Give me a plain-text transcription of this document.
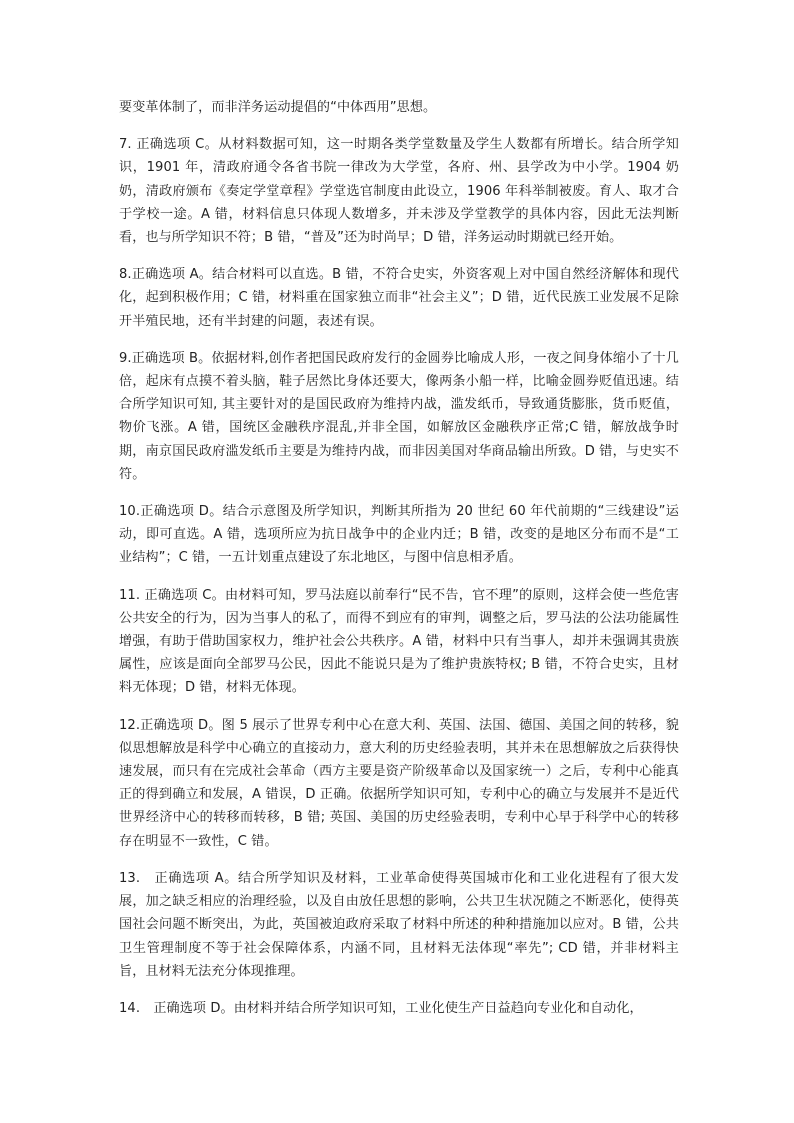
要变革体制了，而非洋务运动提倡的“中体西用”思想。

7. 正确选项 C。从材料数据可知，这一时期各类学堂数量及学生人数都有所增长。结合所学知识，1901 年，清政府通令各省书院一律改为大学堂，各府、州、县学改为中小学。1904 奶奶，清政府颁布《奏定学堂章程》学堂选官制度由此设立，1906 年科举制被废。育人、取才合于学校一途。A 错，材料信息只体现人数增多，并未涉及学堂教学的具体内容，因此无法判断看，也与所学知识不符；B 错，“普及”还为时尚早；D 错，洋务运动时期就已经开始。

8.正确选项 A。结合材料可以直选。B 错，不符合史实，外资客观上对中国自然经济解体和现代化，起到积极作用；C 错，材料重在国家独立而非“社会主义”；D 错，近代民族工业发展不足除开半殖民地，还有半封建的问题，表述有误。

9.正确选项 B。依据材料,创作者把国民政府发行的金圆券比喻成人形，一夜之间身体缩小了十几倍，起床有点摸不着头脑，鞋子居然比身体还要大，像两条小船一样，比喻金圆券贬值迅速。结合所学知识可知, 其主要针对的是国民政府为维持内战，滥发纸币，导致通货膨胀，货币贬值，物价飞涨。A 错，国统区金融秩序混乱,并非全国，如解放区金融秩序正常;C 错，解放战争时期，南京国民政府滥发纸币主要是为维持内战，而非因美国对华商品输出所致。D 错，与史实不符。

10.正确选项 D。结合示意图及所学知识，判断其所指为 20 世纪 60 年代前期的“三线建设”运动，即可直选。A 错，选项所应为抗日战争中的企业内迁；B 错，改变的是地区分布而不是“工业结构”；C 错，一五计划重点建设了东北地区，与图中信息相矛盾。

11. 正确选项 C。由材料可知，罗马法庭以前奉行“民不告，官不理”的原则，这样会使一些危害公共安全的行为，因为当事人的私了，而得不到应有的审判，调整之后，罗马法的公法功能属性增强，有助于借助国家权力，维护社会公共秩序。A 错，材料中只有当事人，却并未强调其贵族属性，应该是面向全部罗马公民，因此不能说只是为了维护贵族特权; B 错，不符合史实，且材料无体现；D 错，材料无体现。

12.正确选项 D。图 5 展示了世界专利中心在意大利、英国、法国、德国、美国之间的转移，貌似思想解放是科学中心确立的直接动力，意大利的历史经验表明，其并未在思想解放之后获得快速发展，而只有在完成社会革命（西方主要是资产阶级革命以及国家统一）之后，专利中心能真正的得到确立和发展，A 错误，D 正确。依据所学知识可知，专利中心的确立与发展并不是近代世界经济中心的转移而转移，B 错; 英国、美国的历史经验表明，专利中心早于科学中心的转移存在明显不一致性，C 错。

13.　正确选项 A。结合所学知识及材料，工业革命使得英国城市化和工业化进程有了很大发展，加之缺乏相应的治理经验，以及自由放任思想的影响，公共卫生状况随之不断恶化，使得英国社会问题不断突出，为此，英国被迫政府采取了材料中所述的种种措施加以应对。B 错，公共卫生管理制度不等于社会保障体系，内涵不同，且材料无法体现“率先”; CD 错，并非材料主旨，且材料无法充分体现推理。

14.　正确选项 D。由材料并结合所学知识可知，工业化使生产日益趋向专业化和自动化，
